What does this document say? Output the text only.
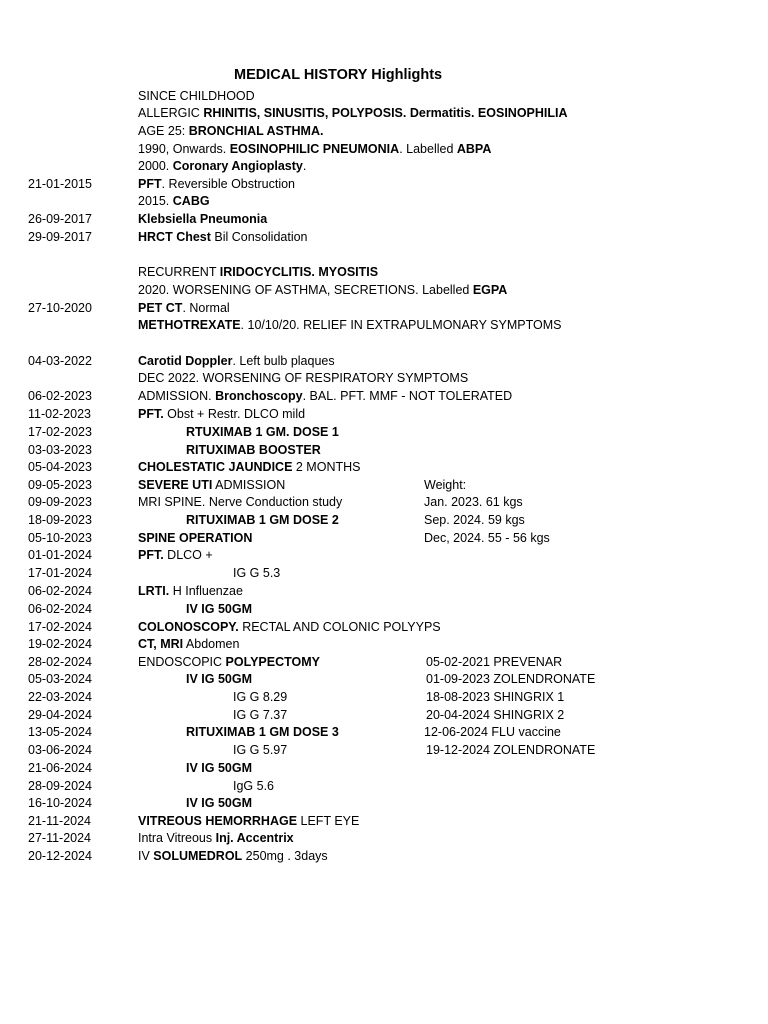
MEDICAL HISTORY Highlights
SINCE CHILDHOOD
ALLERGIC RHINITIS, SINUSITIS, POLYPOSIS. Dermatitis. EOSINOPHILIA
AGE 25: BRONCHIAL ASTHMA.
1990, Onwards. EOSINOPHILIC PNEUMONIA. Labelled ABPA
2000. Coronary Angioplasty.
21-01-2015	PFT. Reversible Obstruction
2015. CABG
26-09-2017	Klebsiella Pneumonia
29-09-2017	HRCT Chest Bil Consolidation
RECURRENT IRIDOCYCLITIS. MYOSITIS
2020. WORSENING OF ASTHMA, SECRETIONS. Labelled EGPA
27-10-2020	PET CT. Normal
METHOTREXATE. 10/10/20. RELIEF IN EXTRAPULMONARY SYMPTOMS
04-03-2022	Carotid Doppler. Left bulb plaques
DEC 2022. WORSENING OF RESPIRATORY SYMPTOMS
06-02-2023	ADMISSION. Bronchoscopy. BAL. PFT. MMF - NOT TOLERATED
11-02-2023	PFT. Obst + Restr. DLCO mild
17-02-2023	RTUXIMAB 1 GM. DOSE 1
03-03-2023	RITUXIMAB BOOSTER
05-04-2023	CHOLESTATIC JAUNDICE 2 MONTHS
09-05-2023	SEVERE UTI ADMISSION	Weight:
09-09-2023	MRI SPINE. Nerve Conduction study	Jan. 2023. 61 kgs
18-09-2023	RITUXIMAB 1 GM DOSE 2	Sep. 2024. 59 kgs
05-10-2023	SPINE OPERATION	Dec, 2024. 55 - 56 kgs
01-01-2024	PFT. DLCO +
17-01-2024	IG G 5.3
06-02-2024	LRTI. H Influenzae
06-02-2024	IV IG 50GM
17-02-2024	COLONOSCOPY. RECTAL AND COLONIC POLYYPS
19-02-2024	CT, MRI Abdomen
28-02-2024	ENDOSCOPIC POLYPECTOMY	05-02-2021 PREVENAR
05-03-2024	IV IG 50GM	01-09-2023 ZOLENDRONATE
22-03-2024	IG G 8.29	18-08-2023 SHINGRIX 1
29-04-2024	IG G 7.37	20-04-2024 SHINGRIX 2
13-05-2024	RITUXIMAB 1 GM DOSE 3	12-06-2024 FLU vaccine
03-06-2024	IG G 5.97	19-12-2024 ZOLENDRONATE
21-06-2024	IV IG 50GM
28-09-2024	IgG 5.6
16-10-2024	IV IG 50GM
21-11-2024	VITREOUS HEMORRHAGE LEFT EYE
27-11-2024	Intra Vitreous Inj. Accentrix
20-12-2024	IV SOLUMEDROL 250mg . 3days
